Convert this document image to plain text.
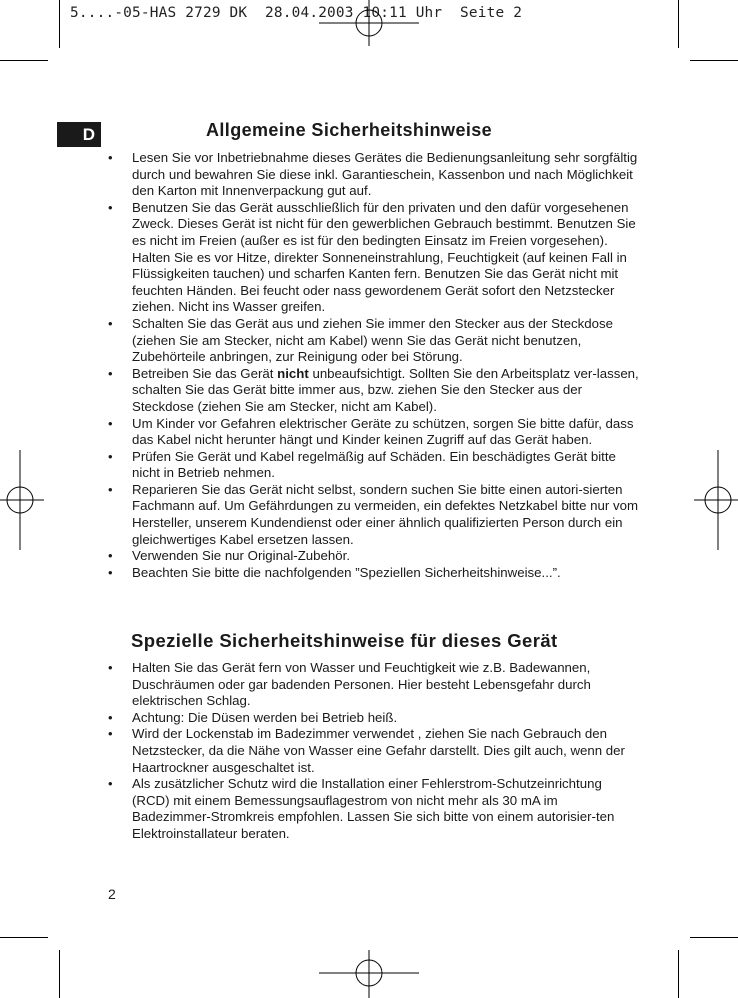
5....-05-HAS 2729 DK  28.04.2003 10:11 Uhr  Seite 2

D	Allgemeine Sicherheitshinweise
• Lesen Sie vor Inbetriebnahme dieses Gerätes die Bedienungsanleitung sehr sorgfältig durch und bewahren Sie diese inkl. Garantieschein, Kassenbon und nach Möglichkeit den Karton mit Innenverpackung gut auf.
• Benutzen Sie das Gerät ausschließlich für den privaten und den dafür vorgesehenen Zweck. Dieses Gerät ist nicht für den gewerblichen Gebrauch bestimmt. Benutzen Sie es nicht im Freien (außer es ist für den bedingten Einsatz im Freien vorgesehen). Halten Sie es vor Hitze, direkter Sonneneinstrahlung, Feuchtigkeit (auf keinen Fall in Flüssigkeiten tauchen) und scharfen Kanten fern. Benutzen Sie das Gerät nicht mit feuchten Händen. Bei feucht oder nass gewordenem Gerät sofort den Netzstecker ziehen. Nicht ins Wasser greifen.
• Schalten Sie das Gerät aus und ziehen Sie immer den Stecker aus der Steckdose (ziehen Sie am Stecker, nicht am Kabel) wenn Sie das Gerät nicht benutzen, Zubehörteile anbringen, zur Reinigung oder bei Störung.
• Betreiben Sie das Gerät nicht unbeaufsichtigt. Sollten Sie den Arbeitsplatz ver-lassen, schalten Sie das Gerät bitte immer aus, bzw. ziehen Sie den Stecker aus der Steckdose (ziehen Sie am Stecker, nicht am Kabel).
• Um Kinder vor Gefahren elektrischer Geräte zu schützen, sorgen Sie bitte dafür, dass das Kabel nicht herunter hängt und Kinder keinen Zugriff auf das Gerät haben.
• Prüfen Sie Gerät und Kabel regelmäßig auf Schäden. Ein beschädigtes Gerät bitte nicht in Betrieb nehmen.
• Reparieren Sie das Gerät nicht selbst, sondern suchen Sie bitte einen autori-sierten Fachmann auf. Um Gefährdungen zu vermeiden, ein defektes Netzkabel bitte nur vom Hersteller, unserem Kundendienst oder einer ähnlich qualifizierten Person durch ein gleichwertiges Kabel ersetzen lassen.
• Verwenden Sie nur Original-Zubehör.
• Beachten Sie bitte die nachfolgenden ”Speziellen Sicherheitshinweise...”.
Spezielle Sicherheitshinweise für dieses Gerät
• Halten Sie das Gerät fern von Wasser und Feuchtigkeit wie z.B. Badewannen, Duschräumen oder gar badenden Personen. Hier besteht Lebensgefahr durch elektrischen Schlag.
• Achtung: Die Düsen werden bei Betrieb heiß.
• Wird der Lockenstab im Badezimmer verwendet , ziehen Sie nach Gebrauch den Netzstecker, da die Nähe von Wasser eine Gefahr darstellt. Dies gilt auch, wenn der Haartrockner ausgeschaltet ist.
• Als zusätzlicher Schutz wird die Installation einer Fehlerstrom-Schutzeinrichtung (RCD) mit einem Bemessungsauflagestrom von nicht mehr als 30 mA im Badezimmer-Stromkreis empfohlen. Lassen Sie sich bitte von einem autorisier-ten Elektroinstallateur beraten.
2
